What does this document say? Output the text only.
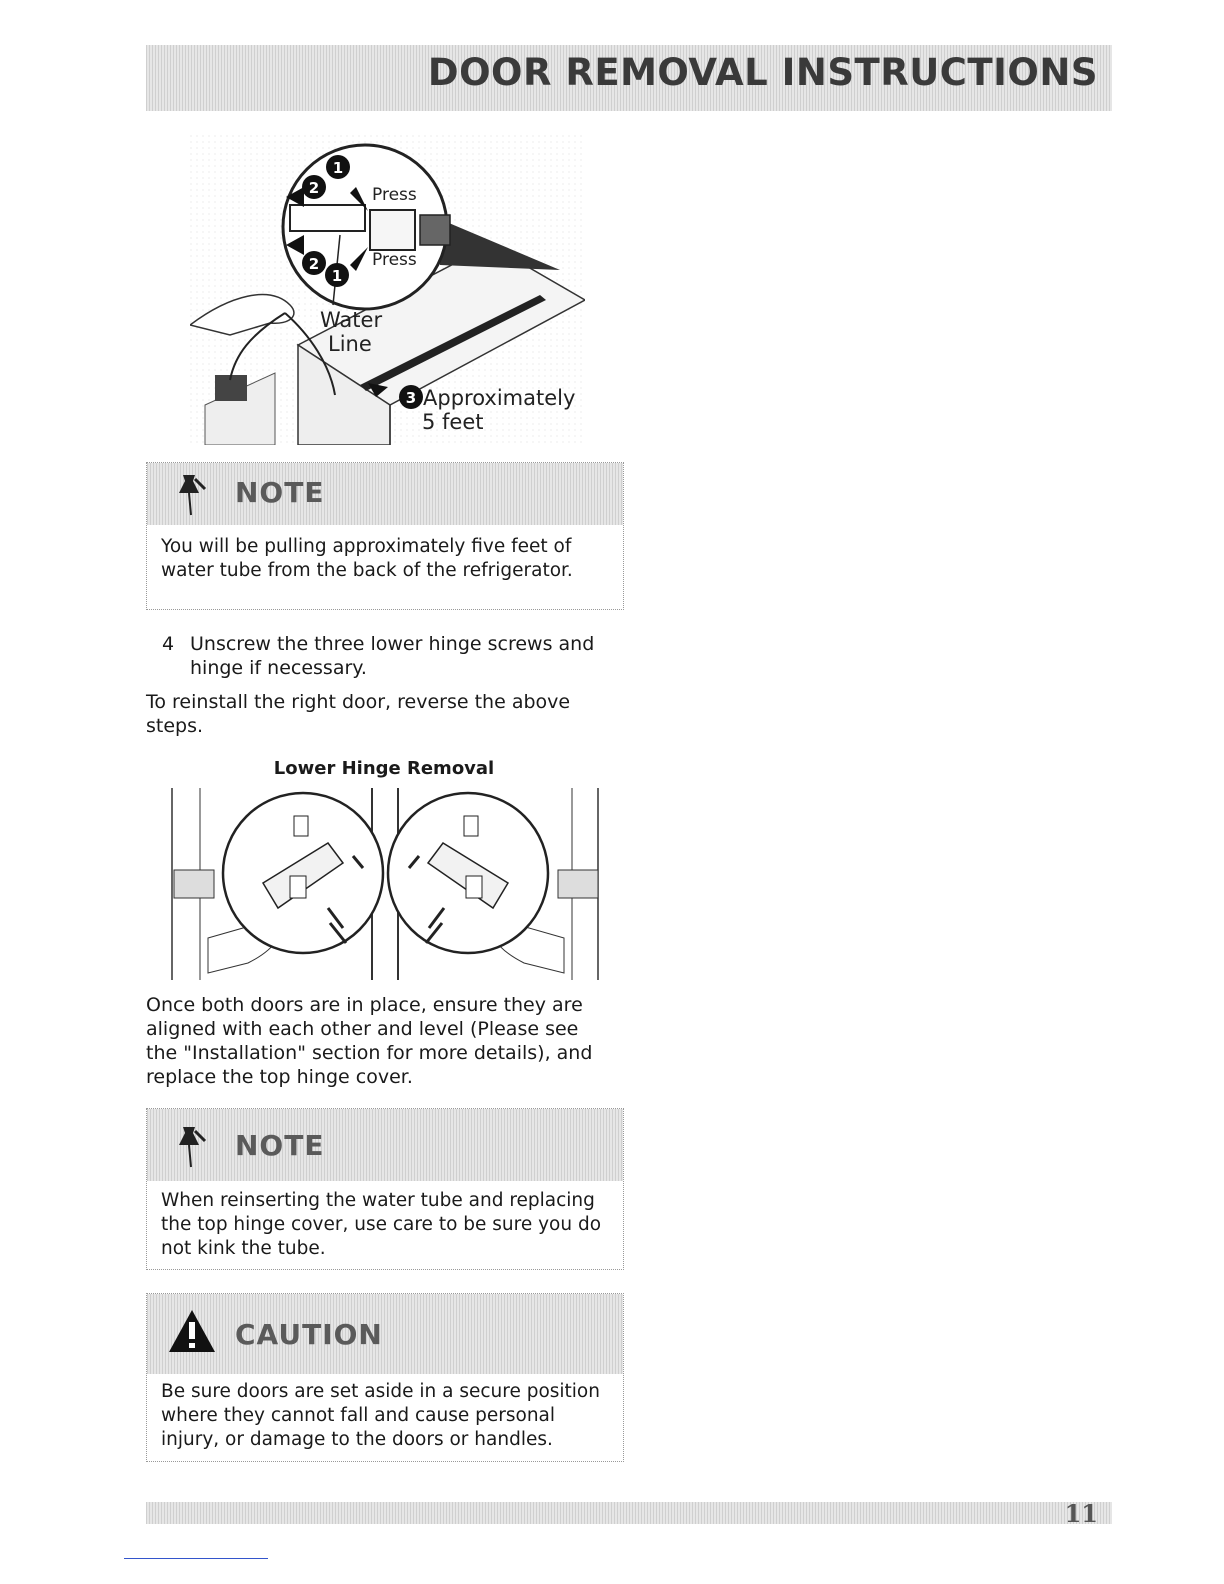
DOOR REMOVAL INSTRUCTIONS
1
2
2
1
Press
Press
Water
Line
3 Approximately
5 feet
NOTE
You will be pulling approximately five feet of water tube from the back of the refrigerator.
4 Unscrew the three lower hinge screws and hinge if necessary.
To reinstall the right door, reverse the above steps.
Lower Hinge Removal
Once both doors are in place, ensure they are aligned with each other and level (Please see the "Installation" section for more details), and replace the top hinge cover.
NOTE
When reinserting the water tube and replacing the top hinge cover, use care to be sure you do not kink the tube.
CAUTION
Be sure doors are set aside in a secure position where they cannot fall and cause personal injury, or damage to the doors or handles.
11
